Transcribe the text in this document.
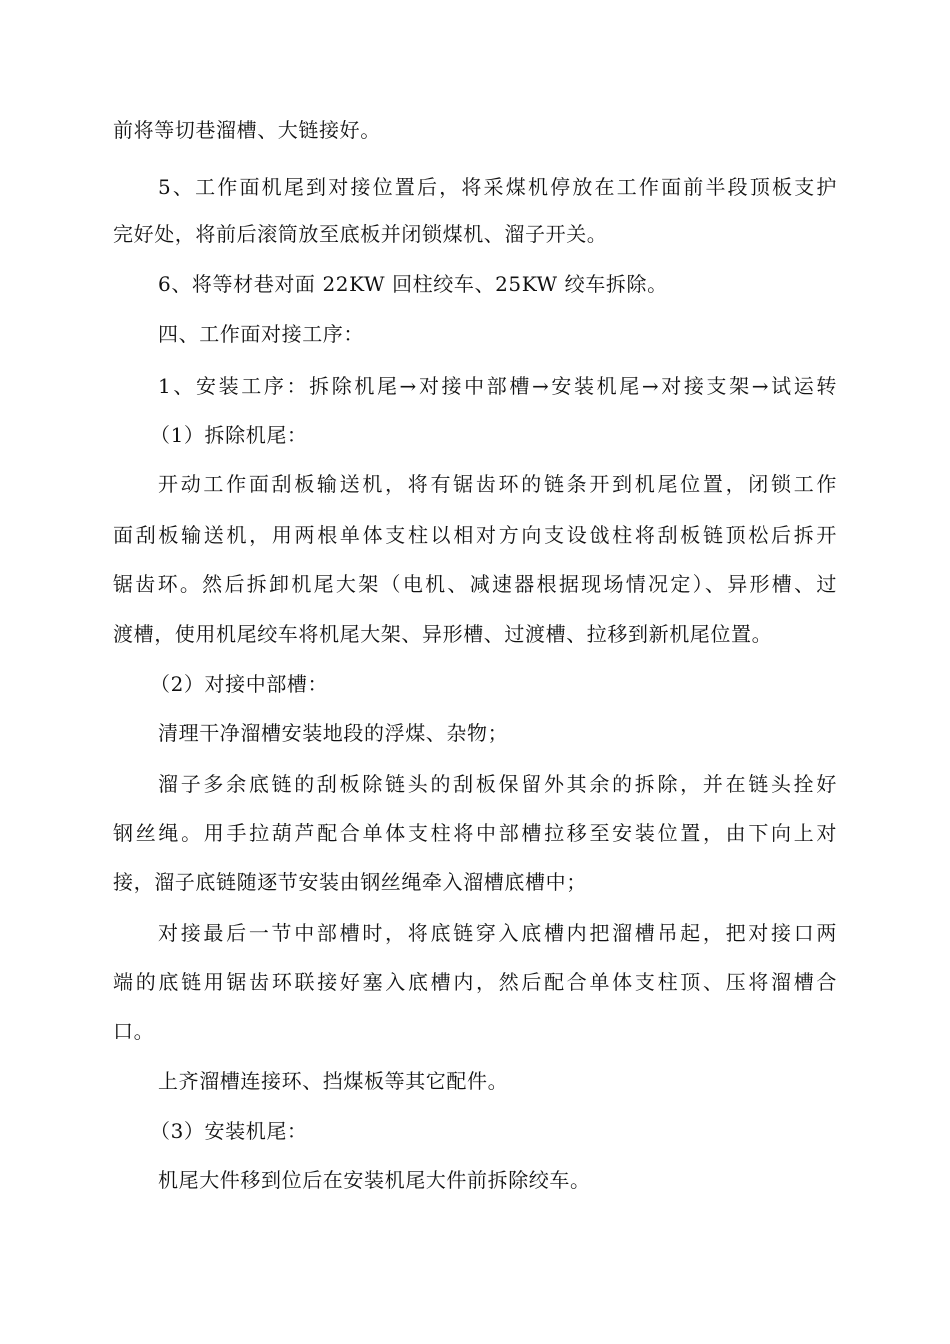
前将等切巷溜槽、大链接好。
5、工作面机尾到对接位置后，将采煤机停放在工作面前半段顶板支护
完好处，将前后滚筒放至底板并闭锁煤机、溜子开关。
6、将等材巷对面 22KW 回柱绞车、25KW 绞车拆除。
四、工作面对接工序：
1、安装工序：拆除机尾→对接中部槽→安装机尾→对接支架→试运转
（1）拆除机尾：
开动工作面刮板输送机，将有锯齿环的链条开到机尾位置，闭锁工作
面刮板输送机，用两根单体支柱以相对方向支设戗柱将刮板链顶松后拆开
锯齿环。然后拆卸机尾大架（电机、减速器根据现场情况定）、异形槽、过
渡槽，使用机尾绞车将机尾大架、异形槽、过渡槽、拉移到新机尾位置。
（2）对接中部槽：
清理干净溜槽安装地段的浮煤、杂物；
溜子多余底链的刮板除链头的刮板保留外其余的拆除，并在链头拴好
钢丝绳。用手拉葫芦配合单体支柱将中部槽拉移至安装位置，由下向上对
接，溜子底链随逐节安装由钢丝绳牵入溜槽底槽中；
对接最后一节中部槽时，将底链穿入底槽内把溜槽吊起，把对接口两
端的底链用锯齿环联接好塞入底槽内，然后配合单体支柱顶、压将溜槽合
口。
上齐溜槽连接环、挡煤板等其它配件。
（3）安装机尾：
机尾大件移到位后在安装机尾大件前拆除绞车。
